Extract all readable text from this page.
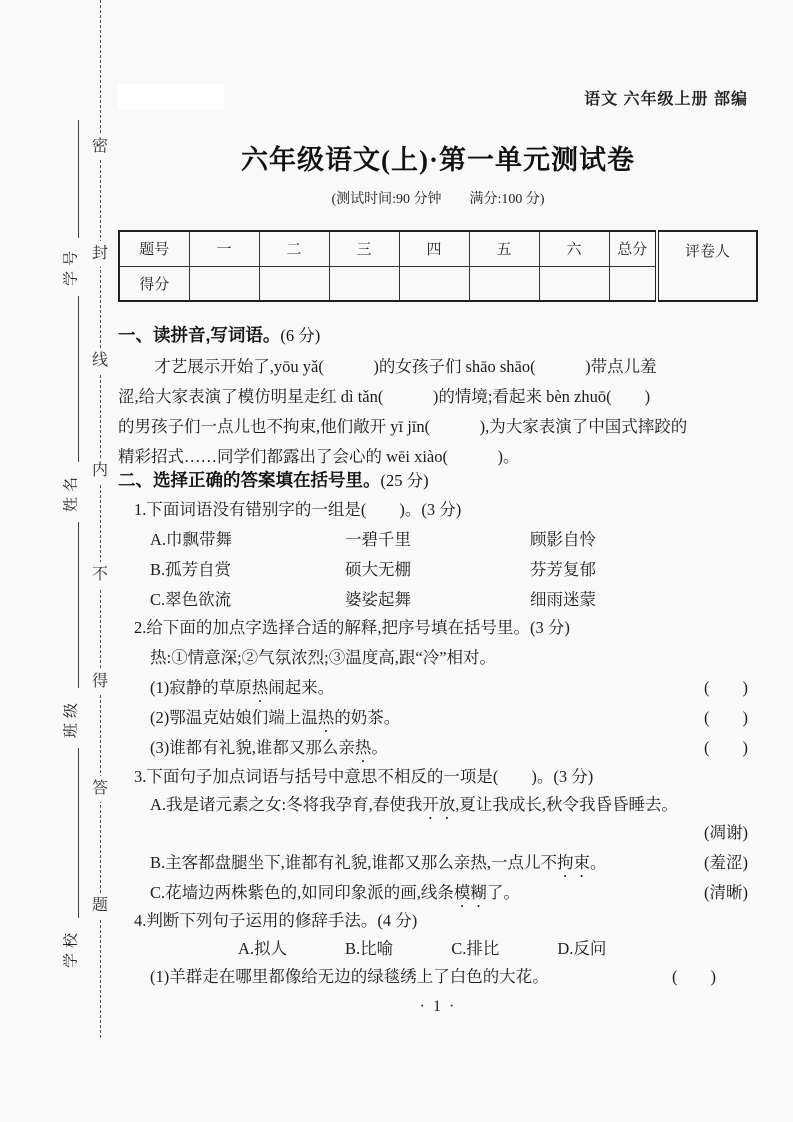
密
封
线
内
不
得
答
题
学号
姓名
班级
学校
语文 六年级上册 部编
六年级语文(上)·第一单元测试卷
(测试时间:90 分钟　　满分:100 分)
题号	一	二	三	四	五	六	总分	评卷人
得分								
一、读拼音,写词语。(6 分)
才艺展示开始了,yōu yǎ(　　　)的女孩子们 shāo shāo(　　　)带点儿羞
涩,给大家表演了模仿明星走红 dì tǎn(　　　)的情境;看起来 bèn zhuō(　　)
的男孩子们一点儿也不拘束,他们敞开 yī jīn(　　　),为大家表演了中国式摔跤的
精彩招式……同学们都露出了会心的 wēi xiào(　　　)。
二、选择正确的答案填在括号里。(25 分)
1.下面词语没有错别字的一组是(　　)。(3 分)
A.巾飘带舞	一碧千里	顾影自怜
B.孤芳自赏	硕大无棚	芬芳复郁
C.翠色欲流	婆娑起舞	细雨迷蒙
2.给下面的加点字选择合适的解释,把序号填在括号里。(3 分)
热:①情意深;②气氛浓烈;③温度高,跟“冷”相对。
(1)寂静的草原热闹起来。	(　　)
(2)鄂温克姑娘们端上温热的奶茶。	(　　)
(3)谁都有礼貌,谁都又那么亲热。	(　　)
3.下面句子加点词语与括号中意思不相反的一项是(　　)。(3 分)
A.我是诸元素之女:冬将我孕育,春使我开放,夏让我成长,秋令我昏昏睡去。
(凋谢)
B.主客都盘腿坐下,谁都有礼貌,谁都又那么亲热,一点儿不拘束。	(羞涩)
C.花墙边两株紫色的,如同印象派的画,线条模糊了。	(清晰)
4.判断下列句子运用的修辞手法。(4 分)
A.拟人	B.比喻	C.排比	D.反问
(1)羊群走在哪里都像给无边的绿毯绣上了白色的大花。	(　　)
· 1 ·
